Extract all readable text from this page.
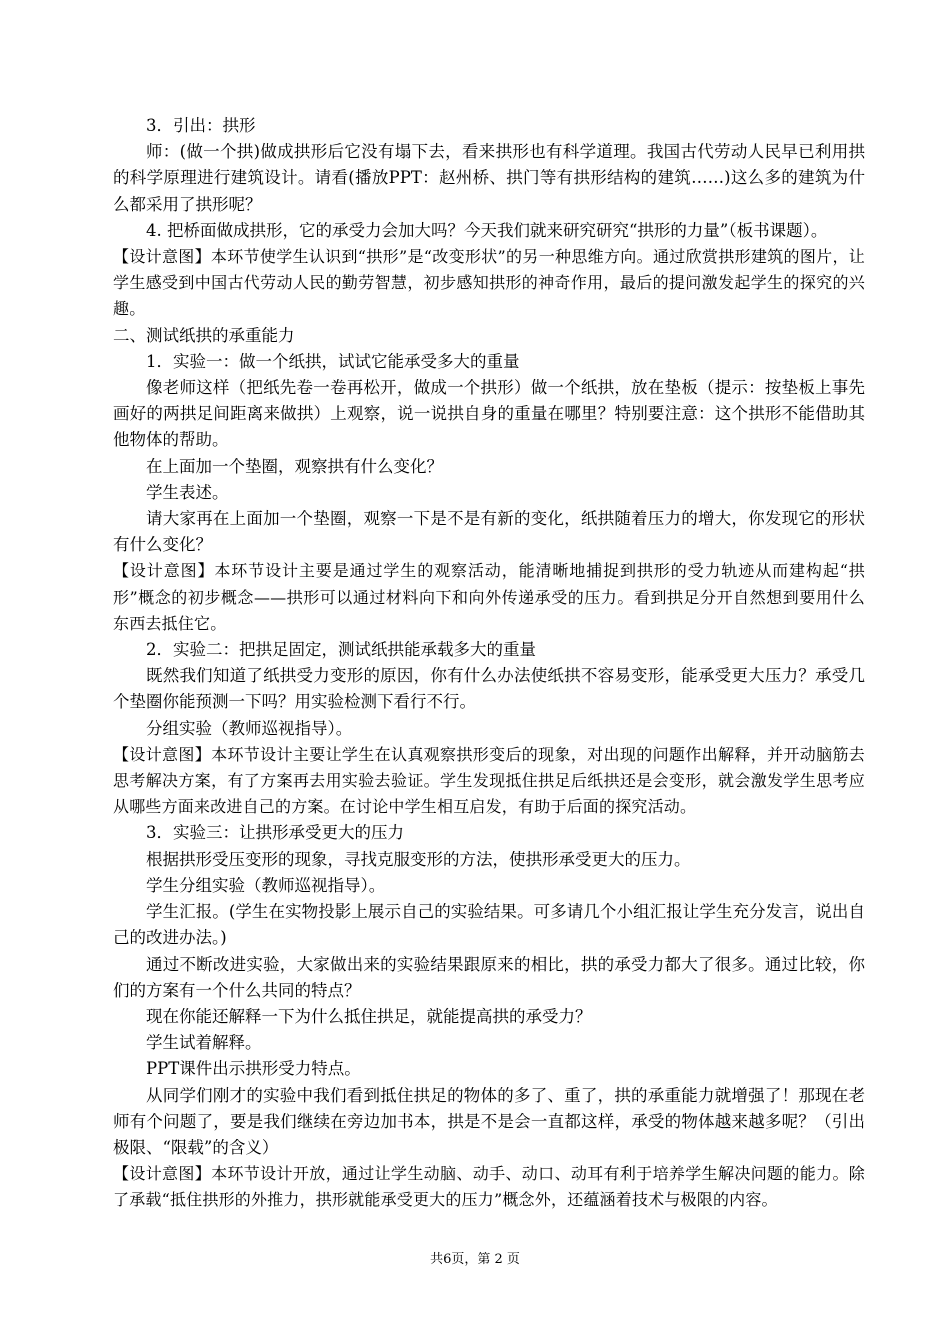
3．引出：拱形

师：(做一个拱)做成拱形后它没有塌下去，看来拱形也有科学道理。我国古代劳动人民早已利用拱的科学原理进行建筑设计。请看(播放PPT：赵州桥、拱门等有拱形结构的建筑……)这么多的建筑为什么都采用了拱形呢？

4. 把桥面做成拱形，它的承受力会加大吗？今天我们就来研究研究“拱形的力量”（板书课题）。

【设计意图】本环节使学生认识到“拱形”是“改变形状”的另一种思维方向。通过欣赏拱形建筑的图片，让学生感受到中国古代劳动人民的勤劳智慧，初步感知拱形的神奇作用，最后的提问激发起学生的探究的兴趣。

二、测试纸拱的承重能力

1．实验一：做一个纸拱，试试它能承受多大的重量

像老师这样（把纸先卷一卷再松开，做成一个拱形）做一个纸拱，放在垫板（提示：按垫板上事先画好的两拱足间距离来做拱）上观察，说一说拱自身的重量在哪里？特别要注意：这个拱形不能借助其他物体的帮助。

在上面加一个垫圈，观察拱有什么变化？

学生表述。

请大家再在上面加一个垫圈，观察一下是不是有新的变化，纸拱随着压力的增大，你发现它的形状有什么变化？

【设计意图】本环节设计主要是通过学生的观察活动，能清晰地捕捉到拱形的受力轨迹从而建构起“拱形”概念的初步概念——拱形可以通过材料向下和向外传递承受的压力。看到拱足分开自然想到要用什么东西去抵住它。

2．实验二：把拱足固定，测试纸拱能承载多大的重量

既然我们知道了纸拱受力变形的原因，你有什么办法使纸拱不容易变形，能承受更大压力？承受几个垫圈你能预测一下吗？用实验检测下看行不行。

分组实验（教师巡视指导）。

【设计意图】本环节设计主要让学生在认真观察拱形变后的现象，对出现的问题作出解释，并开动脑筋去思考解决方案，有了方案再去用实验去验证。学生发现抵住拱足后纸拱还是会变形，就会激发学生思考应从哪些方面来改进自己的方案。在讨论中学生相互启发，有助于后面的探究活动。

3．实验三：让拱形承受更大的压力

根据拱形受压变形的现象，寻找克服变形的方法，使拱形承受更大的压力。

学生分组实验（教师巡视指导）。

学生汇报。(学生在实物投影上展示自己的实验结果。可多请几个小组汇报让学生充分发言，说出自己的改进办法。)

通过不断改进实验，大家做出来的实验结果跟原来的相比，拱的承受力都大了很多。通过比较，你们的方案有一个什么共同的特点？

现在你能还解释一下为什么抵住拱足，就能提高拱的承受力？

学生试着解释。

PPT课件出示拱形受力特点。

从同学们刚才的实验中我们看到抵住拱足的物体的多了、重了，拱的承重能力就增强了！那现在老师有个问题了，要是我们继续在旁边加书本，拱是不是会一直都这样，承受的物体越来越多呢？（引出极限、“限载”的含义）

【设计意图】本环节设计开放，通过让学生动脑、动手、动口、动耳有利于培养学生解决问题的能力。除了承载“抵住拱形的外推力，拱形就能承受更大的压力”概念外，还蕴涵着技术与极限的内容。

共6页，第 2 页
